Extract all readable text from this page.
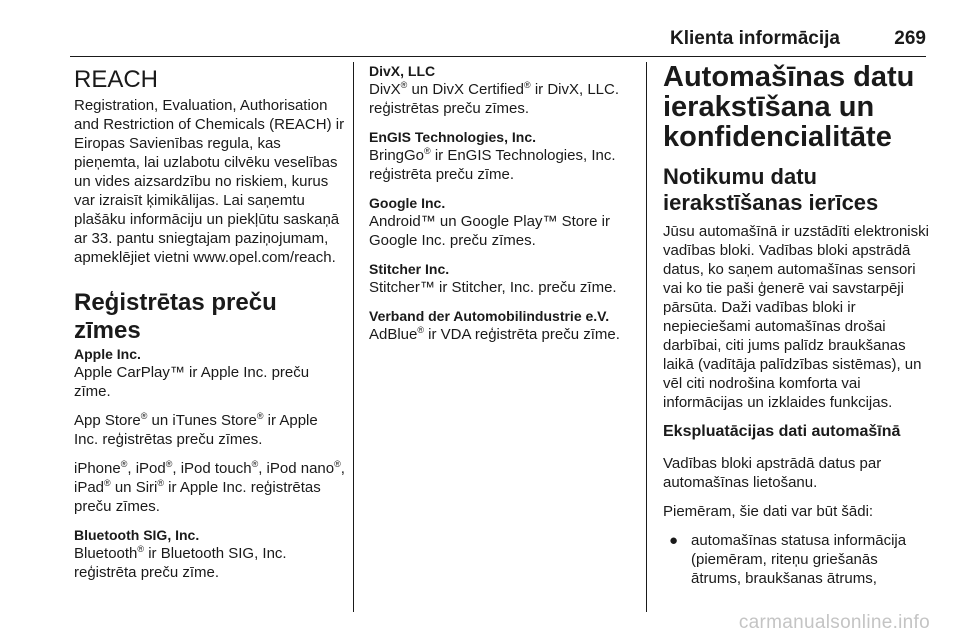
Klienta informācija	269
REACH

Registration, Evaluation, Authorisation and Restriction of Chemicals (REACH) ir Eiropas Savienības regula, kas pieņemta, lai uzlabotu cilvēku veselības un vides aizsardzību no riskiem, kurus var izraisīt ķimikālijas. Lai saņemtu plašāku informāciju un piekļūtu saskaņā ar 33. pantu sniegtajam paziņojumam, apmeklējiet vietni www.opel.com/reach.

Reģistrētas preču zīmes
Apple Inc.

Apple CarPlay™ ir Apple Inc. preču zīme.

App Store® un iTunes Store® ir Apple Inc. reģistrētas preču zīmes.

iPhone®, iPod®, iPod touch®, iPod nano®, iPad® un Siri® ir Apple Inc. reģistrētas preču zīmes.

Bluetooth SIG, Inc.

Bluetooth® ir Bluetooth SIG, Inc. reģistrēta preču zīme.

DivX, LLC

DivX® un DivX Certified® ir DivX, LLC. reģistrētas preču zīmes.

EnGIS Technologies, Inc.

BringGo® ir EnGIS Technologies, Inc. reģistrēta preču zīme.

Google Inc.

Android™ un Google Play™ Store ir Google Inc. preču zīmes.

Stitcher Inc.

Stitcher™ ir Stitcher, Inc. preču zīme.

Verband der Automobilindustrie e.V.

AdBlue® ir VDA reģistrēta preču zīme.

Automašīnas datu ierakstīšana un konfidencialitāte
Notikumu datu ierakstīšanas ierīces

Jūsu automašīnā ir uzstādīti elektroniski vadības bloki. Vadības bloki apstrādā datus, ko saņem automašīnas sensori vai ko tie paši ģenerē vai savstarpēji pārsūta. Daži vadības bloki ir nepieciešami automašīnas drošai darbībai, citi jums palīdz braukšanas laikā (vadītāja palīdzības sistēmas), un vēl citi nodrošina komforta vai informācijas un izklaides funkcijas.

Ekspluatācijas dati automašīnā

Vadības bloki apstrādā datus par automašīnas lietošanu.

Piemēram, šie dati var būt šādi:

● automašīnas statusa informācija (piemēram, riteņu griešanās ātrums, braukšanas ātrums,
carmanualsonline.info
